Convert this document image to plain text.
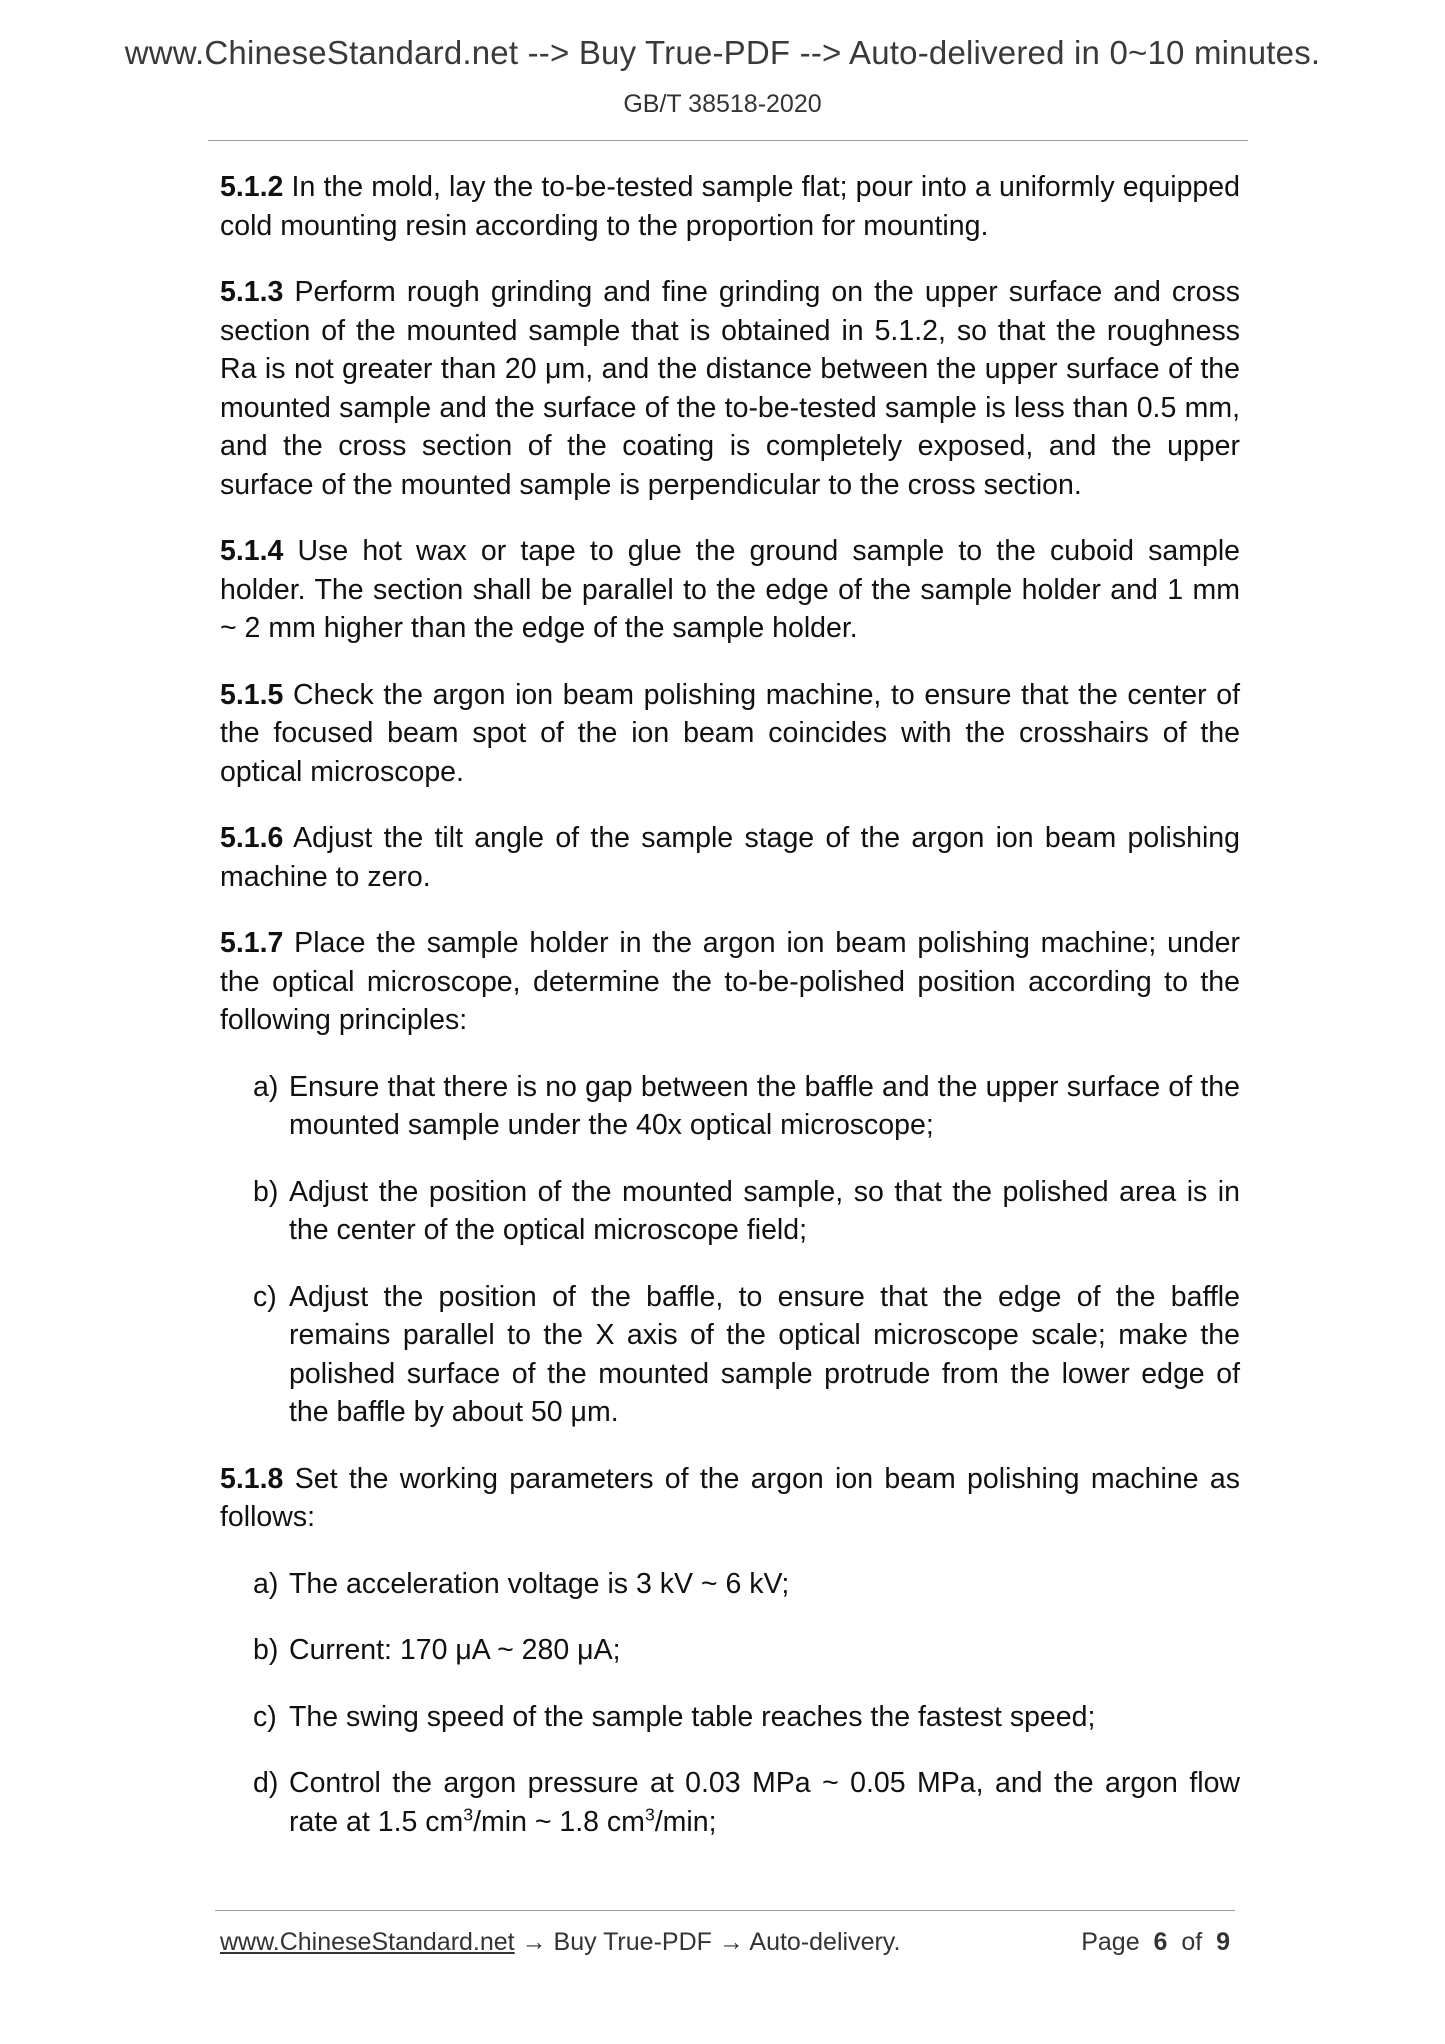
www.ChineseStandard.net --> Buy True-PDF --> Auto-delivered in 0~10 minutes.
GB/T 38518-2020

5.1.2 In the mold, lay the to-be-tested sample flat; pour into a uniformly equipped cold mounting resin according to the proportion for mounting.

5.1.3 Perform rough grinding and fine grinding on the upper surface and cross section of the mounted sample that is obtained in 5.1.2, so that the roughness Ra is not greater than 20 μm, and the distance between the upper surface of the mounted sample and the surface of the to-be-tested sample is less than 0.5 mm, and the cross section of the coating is completely exposed, and the upper surface of the mounted sample is perpendicular to the cross section.

5.1.4 Use hot wax or tape to glue the ground sample to the cuboid sample holder. The section shall be parallel to the edge of the sample holder and 1 mm ~ 2 mm higher than the edge of the sample holder.

5.1.5 Check the argon ion beam polishing machine, to ensure that the center of the focused beam spot of the ion beam coincides with the crosshairs of the optical microscope.

5.1.6 Adjust the tilt angle of the sample stage of the argon ion beam polishing machine to zero.

5.1.7 Place the sample holder in the argon ion beam polishing machine; under the optical microscope, determine the to-be-polished position according to the following principles:

a) Ensure that there is no gap between the baffle and the upper surface of the mounted sample under the 40x optical microscope;
b) Adjust the position of the mounted sample, so that the polished area is in the center of the optical microscope field;
c) Adjust the position of the baffle, to ensure that the edge of the baffle remains parallel to the X axis of the optical microscope scale; make the polished surface of the mounted sample protrude from the lower edge of the baffle by about 50 μm.

5.1.8 Set the working parameters of the argon ion beam polishing machine as follows:

a) The acceleration voltage is 3 kV ~ 6 kV;
b) Current: 170 μA ~ 280 μA;
c) The swing speed of the sample table reaches the fastest speed;
d) Control the argon pressure at 0.03 MPa ~ 0.05 MPa, and the argon flow rate at 1.5 $cm^3/\min$ ~ 1.8 $cm^3/\min$;
www.ChineseStandard.net → Buy True-PDF → Auto-delivery.	Page 6 of 9
